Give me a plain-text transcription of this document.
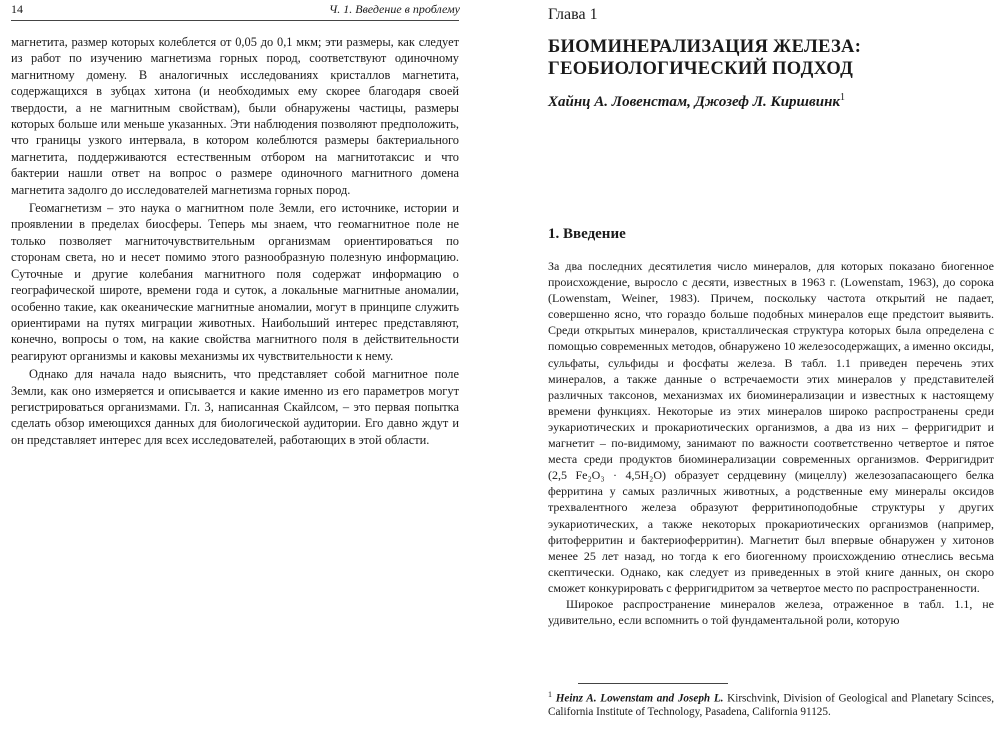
14	Ч. 1. Введение в проблему

магнетита, размер которых колеблется от 0,05 до 0,1 мкм; эти размеры, как следует из работ по изучению магнетизма горных пород, соответствуют одиночному магнитному домену. В аналогичных исследованиях кристаллов магнетита, содержащихся в зубцах хитона (и необходимых ему скорее благодаря своей твердости, а не магнитным свойствам), были обнаружены частицы, размеры которых больше или меньше указанных. Эти наблюдения позволяют предположить, что границы узкого интервала, в котором колеблются размеры бактериального магнетита, поддерживаются естественным отбором на магнитотаксис и что бактерии нашли ответ на вопрос о размере одиночного магнитного домена магнетита задолго до исследователей магнетизма горных пород.

Геомагнетизм – это наука о магнитном поле Земли, его источнике, истории и проявлении в пределах биосферы. Теперь мы знаем, что геомагнитное поле не только позволяет магниточувствительным организмам ориентироваться по сторонам света, но и несет помимо этого разнообразную полезную информацию. Суточные и другие колебания магнитного поля содержат информацию о географической широте, времени года и суток, а локальные магнитные аномалии, особенно такие, как океанические магнитные аномалии, могут в принципе служить ориентирами на путях миграции животных. Наибольший интерес представляют, конечно, вопросы о том, на какие свойства магнитного поля в действительности реагируют организмы и каковы механизмы их чувствительности к нему.

Однако для начала надо выяснить, что представляет собой магнитное поле Земли, как оно измеряется и описывается и какие именно из его параметров могут регистрироваться организмами. Гл. 3, написанная Скайлсом, – это первая попытка сделать обзор имеющихся данных для биологической аудитории. Его давно ждут и он представляет интерес для всех исследователей, работающих в этой области.

Глава 1
БИОМИНЕРАЛИЗАЦИЯ ЖЕЛЕЗА:
ГЕОБИОЛОГИЧЕСКИЙ ПОДХОД
Хайнц А. Ловенстам, Джозеф Л. Киршвинк$^1$
1. Введение

За два последних десятилетия число минералов, для которых показано биогенное происхождение, выросло с десяти, известных в 1963 г. (Lowenstam, 1963), до сорока (Lowenstam, Weiner, 1983). Причем, поскольку частота открытий не падает, совершенно ясно, что гораздо больше подобных минералов еще предстоит выявить. Среди открытых минералов, кристаллическая структура которых была определена с помощью современных методов, обнаружено 10 железосодержащих, а именно оксиды, сульфаты, сульфиды и фосфаты железа. В табл. 1.1 приведен перечень этих минералов, а также данные о встречаемости этих минералов у представителей различных таксонов, механизмах их биоминерализации и известных к настоящему времени функциях. Некоторые из этих минералов широко распространены среди эукариотических и прокариотических организмов, а два из них – ферригидрит и магнетит – по-видимому, занимают по важности соответственно четвертое и пятое места среди продуктов биоминерализации современных организмов. Ферригидрит (2,5 Fe₂O₃ · 4,5H₂O) образует сердцевину (мицеллу) железозапасающего белка ферритина у самых различных животных, а родственные ему минералы оксидов трехвалентного железа образуют ферритиноподобные структуры у других эукариотических, а также некоторых прокариотических организмов (например, фитоферритин и бактериоферритин). Магнетит был впервые обнаружен у хитонов менее 25 лет назад, но тогда к его биогенному происхождению отнеслись весьма скептически. Однако, как следует из приведенных в этой книге данных, он скоро сможет конкурировать с ферригидритом за четвертое место по распространенности.

Широкое распространение минералов железа, отраженное в табл. 1.1, не удивительно, если вспомнить о той фундаментальной роли, которую

$^1$ Heinz A. Lowenstam and Joseph L. Kirschvink, Division of Geological and Planetary Scinces, California Institute of Technology, Pasadena, California 91125.
